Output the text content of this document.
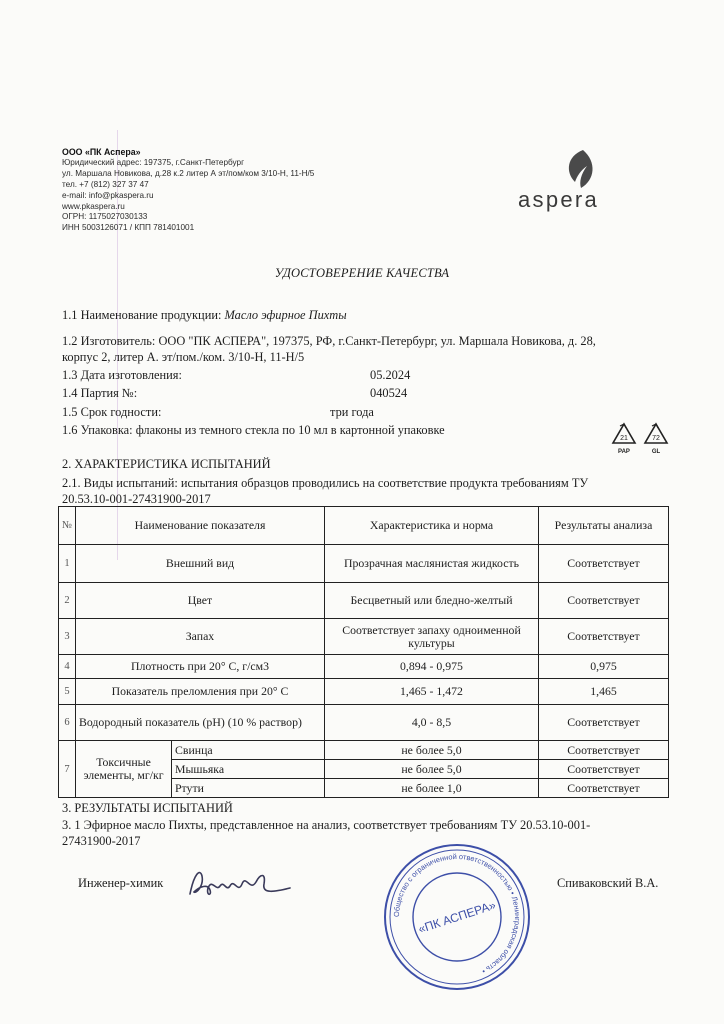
ООО «ПК Аспера»
Юридический адрес: 197375, г.Санкт-Петербург
ул. Маршала Новикова, д.28 к.2 литер А эт/пом/ком 3/10-Н, 11-Н/5
тел. +7 (812) 327 37 47
e-mail: info@pkaspera.ru
www.pkaspera.ru
ОГРН: 1175027030133
ИНН 5003126071 / КПП 781401001
aspera
УДОСТОВЕРЕНИЕ КАЧЕСТВА
1.1 Наименование продукции: Масло эфирное Пихты
1.2 Изготовитель: ООО "ПК АСПЕРА", 197375, РФ, г.Санкт-Петербург, ул. Маршала Новикова, д. 28,
корпус 2, литер А. эт/пом./ком. 3/10-Н, 11-Н/5
1.3 Дата изготовления:	05.2024
1.4 Партия №:	040524
1.5 Срок годности:	три года
1.6 Упаковка: флаконы из темного стекла по 10 мл в картонной упаковке
21
PAP
72
GL
2. ХАРАКТЕРИСТИКА ИСПЫТАНИЙ
2.1. Виды испытаний: испытания образцов проводились на соответствие продукта требованиям ТУ
20.53.10-001-27431900-2017
№	Наименование показателя		Характеристика и норма	Результаты анализа
1	Внешний вид		Прозрачная маслянистая жидкость	Соответствует
2	Цвет		Бесцветный или бледно-желтый	Соответствует
3	Запах		Соответствует запаху одноименной культуры	Соответствует
4	Плотность при 20° С, г/см3		0,894 - 0,975	0,975
5	Показатель преломления при 20° С		1,465 - 1,472	1,465
6	Водородный показатель (pH) (10 % раствор)		4,0 - 8,5	Соответствует
7	Токсичные элементы, мг/кг	Свинца	не более 5,0	Соответствует
		Мышьяка	не более 5,0	Соответствует
		Ртути	не более 1,0	Соответствует
3. РЕЗУЛЬТАТЫ ИСПЫТАНИЙ
3. 1 Эфирное масло Пихты, представленное на анализ, соответствует требованиям ТУ 20.53.10-001-
27431900-2017
Инженер-химик	Спиваковский В.А.
Общество с ограниченной ответственностью • Ленинградская область •
«ПК АСПЕРА»
